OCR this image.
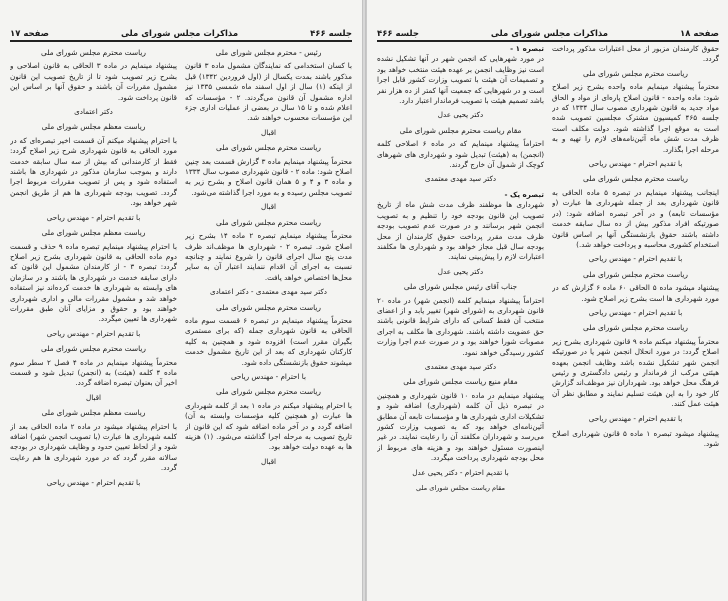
جلسه ۴۶۶
مذاکرات مجلس شورای ملی
صفحه ۱۷
رئیس - محترم مجلس شورای ملی

با کسان استخدامی که نمایندگان مشمول ماده ۳ قانون مذکور باشند بمدت یکسال از (اول فروردین ۱۳۴۲) قبل از اینکه (۱) سال از اول اسفند ماه شمسی ۱۳۳۵ نیز اداره مشمول آن قانون می‌گردند. ۲ - مؤسسات که اعلام شده و تا ۱۵ سال در بعضی از عملیات اداری جزء این مؤسسات محسوب خواهند شد.

اقبال
ریاست محترم مجلس شورای ملی

محترماً پیشنهاد مینمایم ماده ۳ گزارش قسمت بعد چنین اصلاح شود: ماده ۲ - قانون شهرداری مصوب سال ۱۳۳۴ و ماده ۳ و ۴ و ۵ همان قانون اصلاح و بشرح زیر به تصویب مجلس رسیده و به مورد اجرا گذاشته می‌شود.

اقبال
ریاست محترم مجلس شورای ملی

محترماً پیشنهاد مینمایم تبصره ۲ ماده ۱۴ بشرح زیر اصلاح شود. تبصره ۲ - شهرداری ها موظف‌اند ظرف مدت پنج سال اجرای قانون را شروع نمایند و چنانچه نسبت به اجرای آن اقدام ننمایند اعتبار آن به سایر محل‌ها اختصاص خواهد یافت.

دکتر سید مهدی معتمدی - دکتر اعتمادی
ریاست محترم مجلس شورای ملی

محترماً پیشنهاد مینمایم در تبصره ۶ قسمت سوم ماده الحاقی به قانون شهرداری جمله (که برای مستمری بگیران مقرر است) افزوده شود و همچنین به کلیه کارکنان شهرداری که بعد از این تاریخ مشمول خدمت میشوند حقوق بازنشستگی داده شود.

با احترام - مهندس ریاحی
ریاست محترم مجلس شورای ملی

با احترام پیشنهاد میکنم در ماده ۱ بعد از کلمه شهرداری ها عبارت (و همچنین کلیه مؤسسات وابسته به آن) اضافه گردد و در آخر ماده اضافه شود که این قانون از تاریخ تصویب به مرحله اجرا گذاشته می‌شود. (۱) هزینه ها به عهده دولت خواهد بود.

اقبال
ریاست محترم مجلس شورای ملی

پیشنهاد مینمایم در ماده ۳ الحاقی به قانون اصلاحی و بشرح زیر تصویب شود تا از تاریخ تصویب این قانون مشمول مقررات آن باشند و حقوق آنها بر اساس این قانون پرداخت شود.

دکتر اعتمادی
ریاست معظم مجلس شورای ملی

با احترام پیشنهاد میکنم آن قسمت اخیر تبصره‌ای که در مورد الحاقی به قانون شهرداری شرح زیر اصلاح گردد: فقط از کارمندانی که بیش از سه سال سابقه خدمت دارند و بموجب سازمان مذکور در شهرداری ها باشند استفاده شود و پس از تصویب مقررات مربوط اجرا گردد. تصویب بودجه شهرداری ها هم از طریق انجمن شهر خواهد بود.

با تقدیم احترام - مهندس ریاحی
ریاست معظم مجلس شورای ملی

با احترام پیشنهاد مینمایم تبصره ماده ۹ حذف و قسمت دوم ماده الحاقی به قانون شهرداری بشرح زیر اصلاح گردد: تبصره ۳ - از کارمندان مشمول این قانون که دارای سابقه خدمت در شهرداری ها باشند و در سازمان های وابسته به شهرداری ها خدمت کرده‌اند نیز استفاده خواهد شد و مشمول مقررات مالی و اداری شهرداری خواهند بود و حقوق و مزایای آنان طبق مقررات شهرداری ها تعیین میگردد.

با تقدیم احترام - مهندس ریاحی
ریاست محترم مجلس شورای ملی

محترماً پیشنهاد مینمایم در ماده ۴ فصل ۲ سطر سوم ماده ۴ کلمه (هیئت) به (انجمن) تبدیل شود و قسمت اخیر آن بعنوان تبصره اضافه گردد.

اقبال
ریاست معظم مجلس شورای ملی

با احترام پیشنهاد میشود در ماده ۲ ماده الحاقی بعد از کلمه شهرداری ها عبارت (با تصویب انجمن شهر) اضافه شود و از لحاظ تعیین حدود و وظایف شهرداری در بودجه سالانه مقرر گردد که در مورد شهرداری ها هم رعایت گردد.

با تقدیم احترام - مهندس ریاحی
صفحه ۱۸
مذاکرات مجلس شورای ملی
جلسه ۴۶۶

حقوق کارمندان مزبور از محل اعتبارات مذکور پرداخت گردد.

ریاست محترم مجلس شورای ملی

محترماً پیشنهاد مینمایم ماده واحده بشرح زیر اصلاح شود: ماده واحده - قانون اصلاح پاره‌ای از مواد و الحاق مواد جدید به قانون شهرداری مصوب سال ۱۳۳۴ که در جلسه ۴۶۵ کمیسیون مشترک مجلسین تصویب شده است به موقع اجرا گذاشته شود. دولت مکلف است ظرف مدت شش ماه آئین‌نامه‌های لازم را تهیه و به مرحله اجرا بگذارد.

با تقدیم احترام - مهندس ریاحی
ریاست محترم مجلس شورای ملی

اینجانب پیشنهاد مینمایم در تبصره ۵ ماده الحاقی به قانون شهرداری بعد از جمله شهرداری ها عبارت (و مؤسسات تابعه) و در آخر تبصره اضافه شود: (در صورتیکه افراد مذکور بیش از ده سال سابقه خدمت داشته باشند حقوق بازنشستگی آنها بر اساس قانون استخدام کشوری محاسبه و پرداخت خواهد شد.)

با تقدیم احترام - مهندس ریاحی
ریاست محترم مجلس شورای ملی

پیشنهاد میشود ماده ۵ الحاقی ۶۰ ماده ۶ گزارش که در مورد شهرداری ها است بشرح زیر اصلاح شود.

با تقدیم احترام - مهندس ریاحی
ریاست محترم مجلس شورای ملی

محترماً پیشنهاد میکنم ماده ۹ قانون شهرداری بشرح زیر اصلاح گردد: در مورد انحلال انجمن شهر یا در صورتیکه انجمن شهر تشکیل نشده باشد وظایف انجمن بعهده هیئتی مرکب از فرماندار و رئیس دادگستری و رئیس فرهنگ محل خواهد بود. شهرداران نیز موظف‌اند گزارش کار خود را به این هیئت تسلیم نمایند و مطابق نظر آن هیئت عمل کنند.

با تقدیم احترام - مهندس ریاحی

پیشنهاد میشود تبصره ۱ ماده ۵ قانون شهرداری اصلاح شود.

تبصره ۱ -

در مورد شهرهایی که انجمن شهر در آنها تشکیل نشده است نیز وظایف انجمن بر عهده هیئت منتخب خواهد بود و تصمیمات آن هیئت با تصویب وزارت کشور قابل اجرا است و در شهرهایی که جمعیت آنها کمتر از ده هزار نفر باشد تصمیم هیئت با تصویب فرماندار اعتبار دارد.

دکتر یحیی عدل
مقام ریاست محترم مجلس شورای ملی

احتراماً پیشنهاد مینمایم که در ماده ۶ اصلاحی کلمه (انجمن) به (هیئت) تبدیل شود و شهرداری های شهرهای کوچک از شمول آن خارج گردند.

دکتر سید مهدی معتمدی
تبصره یک -

شهرداری ها موظفند ظرف مدت شش ماه از تاریخ تصویب این قانون بودجه خود را تنظیم و به تصویب انجمن شهر برسانند و در صورت عدم تصویب بودجه ظرف مدت مقرر پرداخت حقوق کارمندان از محل بودجه سال قبل مجاز خواهد بود و شهرداری ها مکلفند اعتبارات لازم را پیش‌بینی نمایند.

دکتر یحیی عدل
جناب آقای رئیس مجلس شورای ملی

احتراماً پیشنهاد مینمایم کلمه (انجمن شهر) در ماده ۲۰ قانون شهرداری به (شورای شهر) تغییر یابد و از اعضای منتخب آن فقط کسانی که دارای شرایط قانونی باشند حق عضویت داشته باشند. شهرداری ها مکلف به اجرای مصوبات شورا خواهند بود و در صورت عدم اجرا وزارت کشور رسیدگی خواهد نمود.

دکتر سید مهدی معتمدی
مقام منیع ریاست مجلس شورای ملی

پیشنهاد مینمایم در ماده ۱۰ قانون شهرداری و همچنین در تبصره ذیل آن کلمه (شهرداری) اضافه شود و تشکیلات اداری شهرداری ها و مؤسسات تابعه آن مطابق آئین‌نامه‌ای خواهد بود که به تصویب وزارت کشور می‌رسد و شهرداران مکلفند آن را رعایت نمایند. در غیر اینصورت مسئول خواهند بود و هزینه های مربوط از محل بودجه شهرداری پرداخت میگردد.

با تقدیم احترام - دکتر یحیی عدل
مقام ریاست مجلس شورای ملی
